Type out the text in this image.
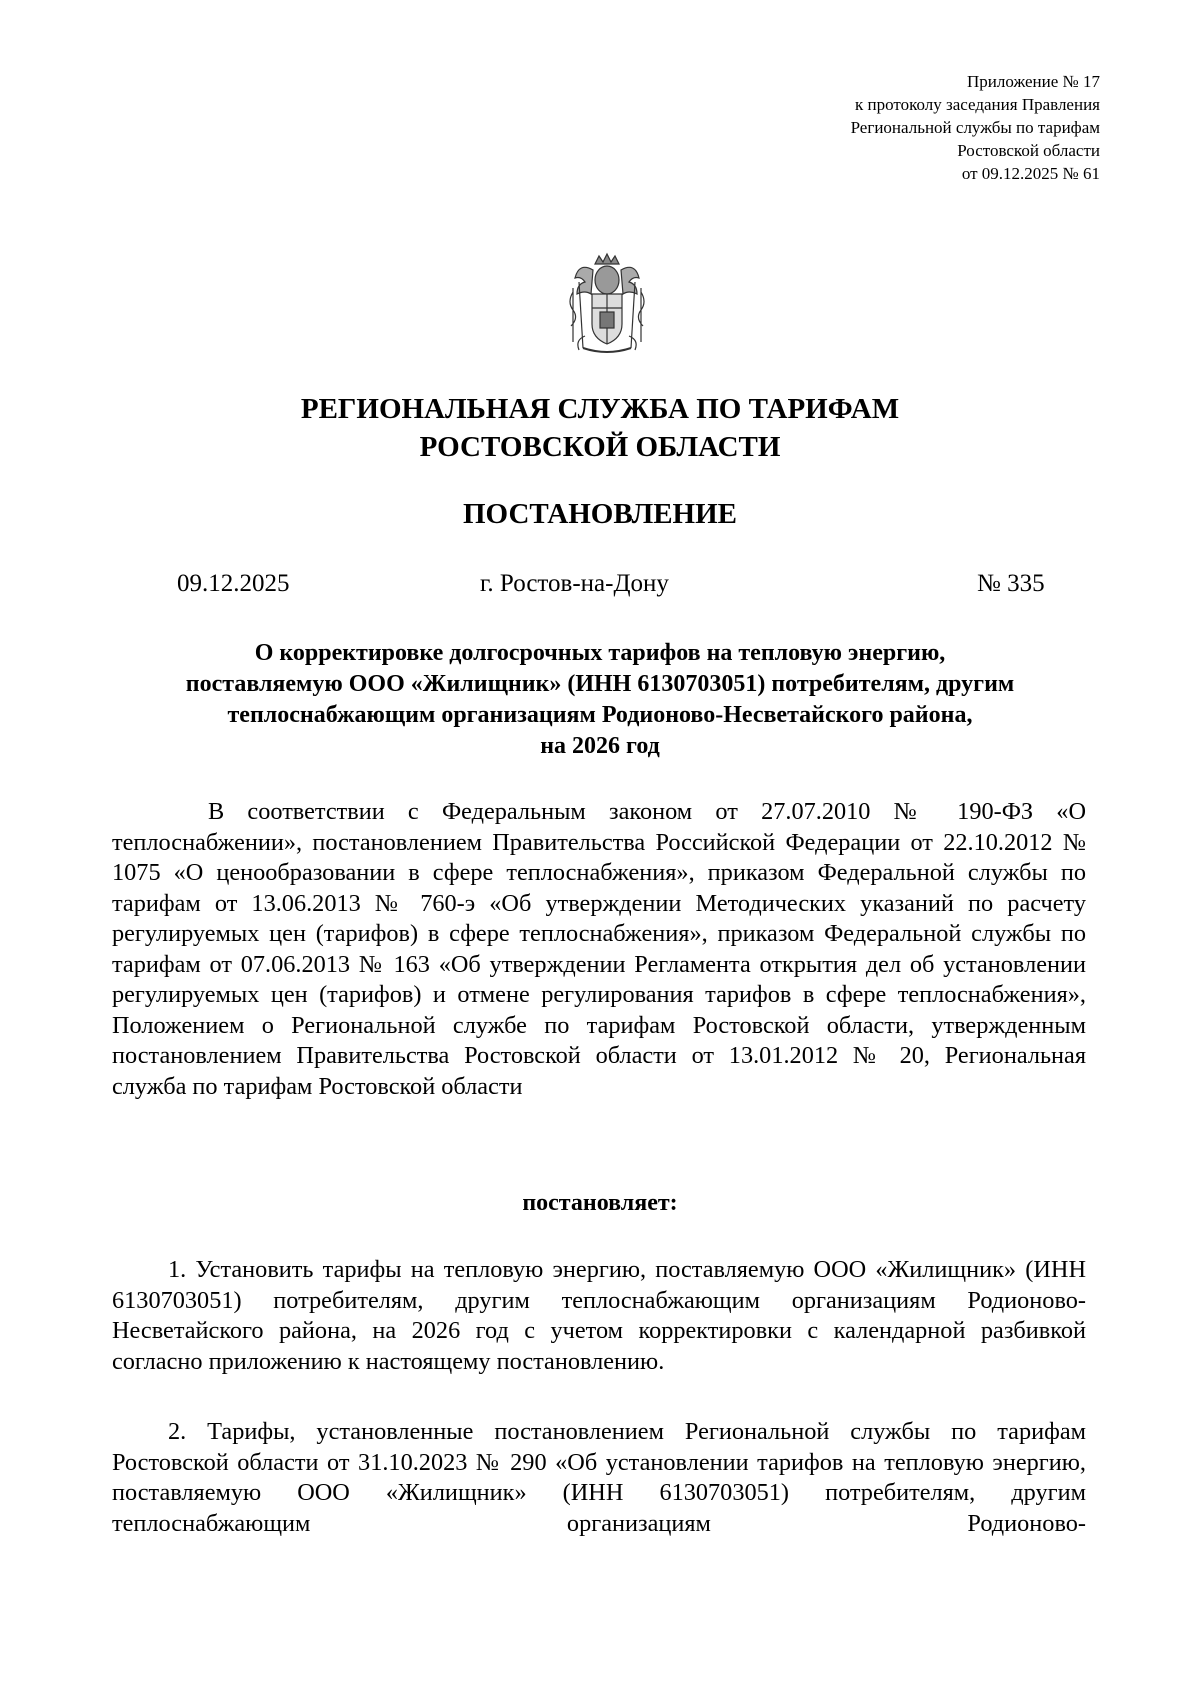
Приложение № 17
к протоколу заседания Правления
Региональной службы по тарифам
Ростовской области
от 09.12.2025 № 61
РЕГИОНАЛЬНАЯ СЛУЖБА ПО ТАРИФАМ
РОСТОВСКОЙ ОБЛАСТИ
ПОСТАНОВЛЕНИЕ
09.12.2025	г. Ростов-на-Дону	№ 335
О корректировке долгосрочных тарифов на тепловую энергию,
поставляемую ООО «Жилищник» (ИНН 6130703051) потребителям, другим
теплоснабжающим организациям Родионово-Несветайского района,
на 2026 год
В соответствии с Федеральным законом от 27.07.2010 № 190-ФЗ «О теплоснабжении», постановлением Правительства Российской Федерации от 22.10.2012 № 1075 «О ценообразовании в сфере теплоснабжения», приказом Федеральной службы по тарифам от 13.06.2013 № 760-э «Об утверждении Методических указаний по расчету регулируемых цен (тарифов) в сфере теплоснабжения», приказом Федеральной службы по тарифам от 07.06.2013 № 163 «Об утверждении Регламента открытия дел об установлении регулируемых цен (тарифов) и отмене регулирования тарифов в сфере теплоснабжения», Положением о Региональной службе по тарифам Ростовской области, утвержденным постановлением Правительства Ростовской области от 13.01.2012 № 20, Региональная служба по тарифам Ростовской области
постановляет:
1. Установить тарифы на тепловую энергию, поставляемую ООО «Жилищник» (ИНН 6130703051) потребителям, другим теплоснабжающим организациям Родионово-Несветайского района, на 2026 год с учетом корректировки с календарной разбивкой согласно приложению к настоящему постановлению.
2. Тарифы, установленные постановлением Региональной службы по тарифам Ростовской области от 31.10.2023 № 290 «Об установлении тарифов на тепловую энергию, поставляемую ООО «Жилищник» (ИНН 6130703051) потребителям, другим теплоснабжающим организациям Родионово-
